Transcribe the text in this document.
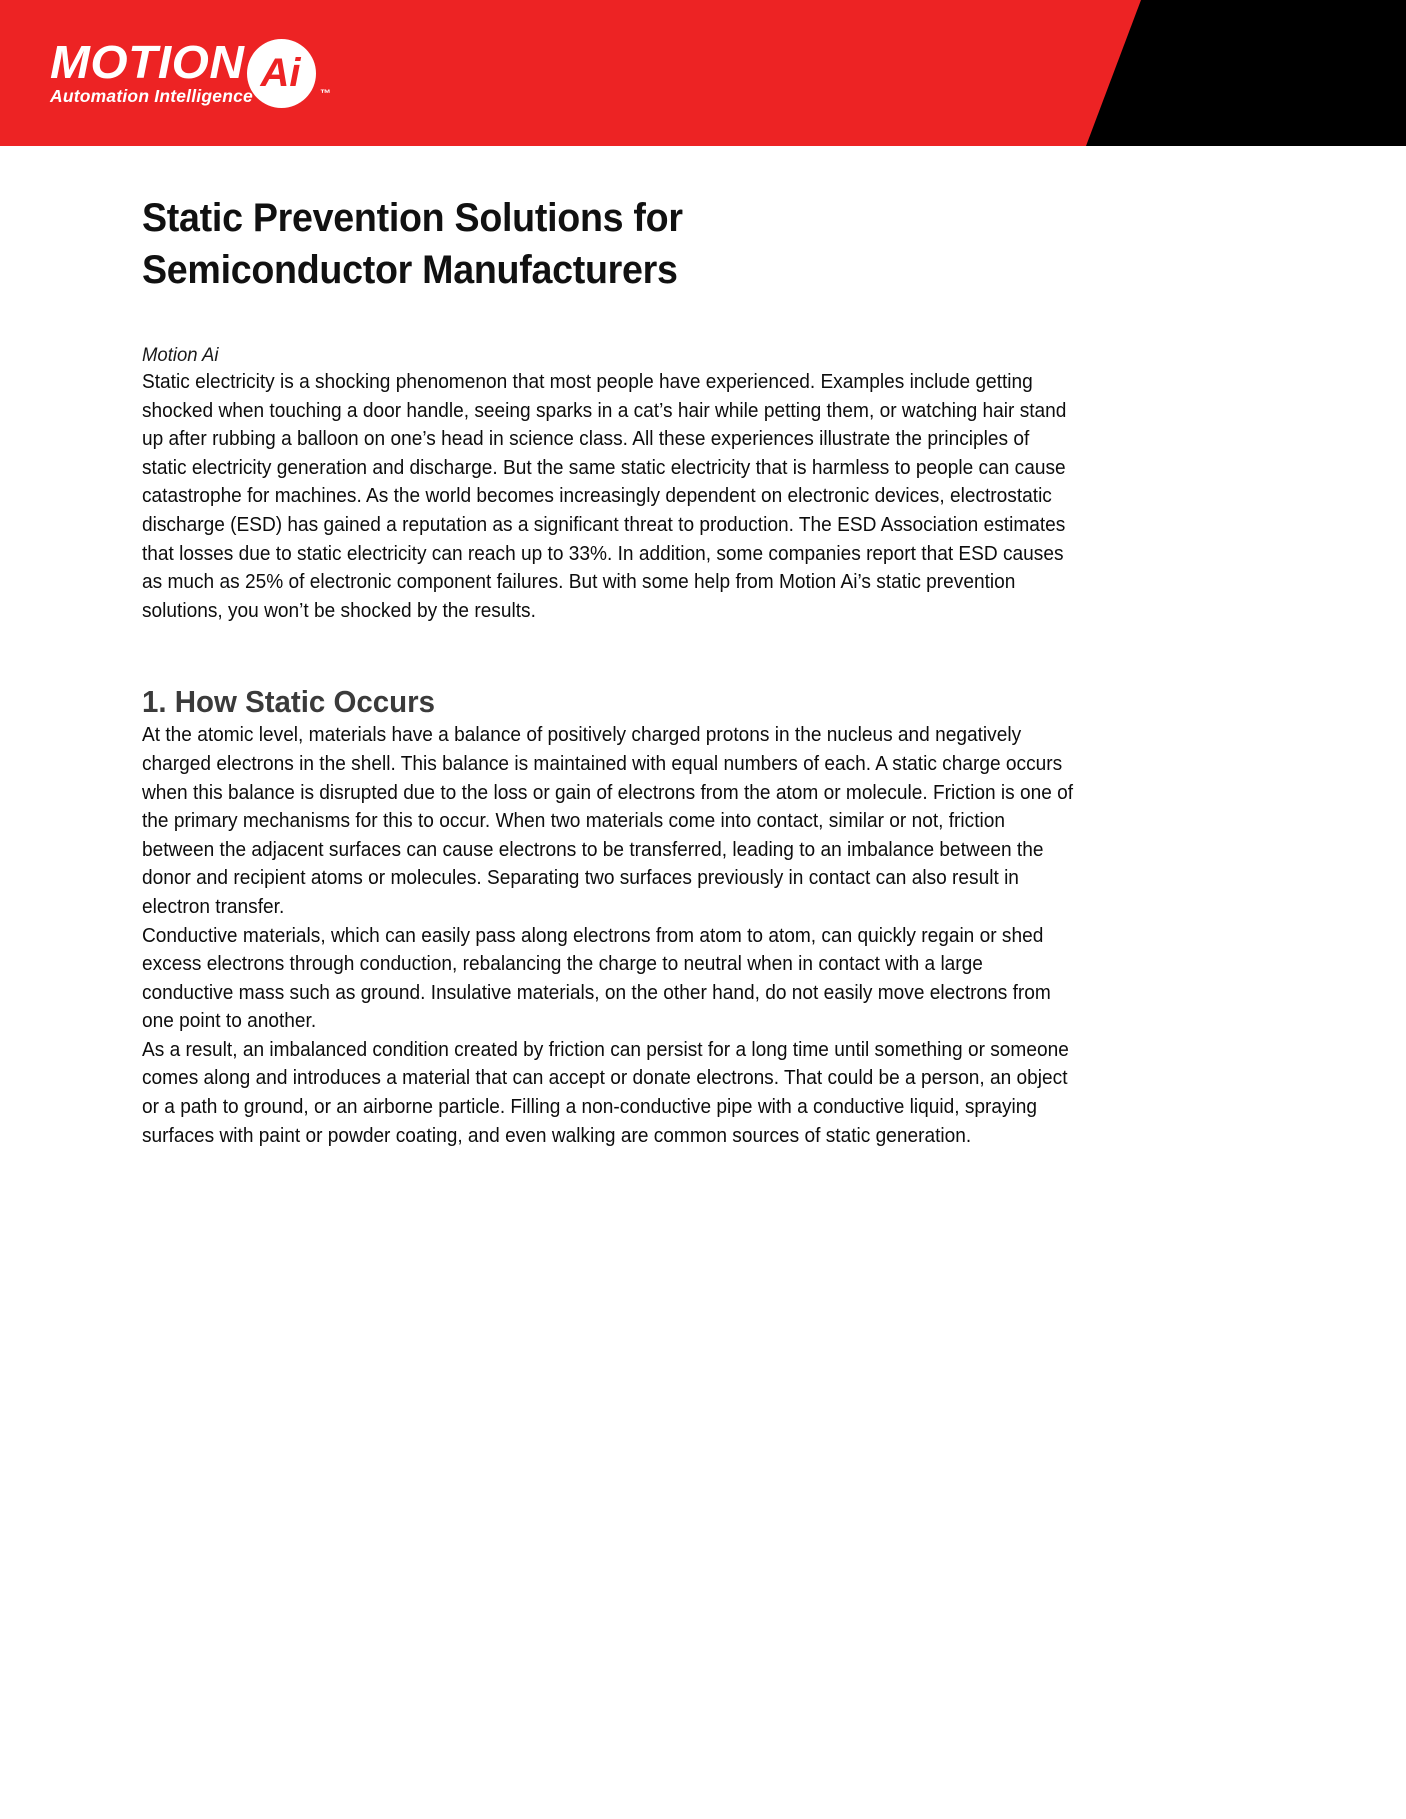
MOTION
Automation Intelligence
Ai ™
Static Prevention Solutions for Semiconductor Manufacturers
Motion Ai

Static electricity is a shocking phenomenon that most people have experienced. Examples include getting shocked when touching a door handle, seeing sparks in a cat’s hair while petting them, or watching hair stand up after rubbing a balloon on one’s head in science class. All these experiences illustrate the principles of static electricity generation and discharge. But the same static electricity that is harmless to people can cause catastrophe for machines. As the world becomes increasingly dependent on electronic devices, electrostatic discharge (ESD) has gained a reputation as a significant threat to production. The ESD Association estimates that losses due to static electricity can reach up to 33%. In addition, some companies report that ESD causes as much as 25% of electronic component failures. But with some help from Motion Ai’s static prevention solutions, you won’t be shocked by the results.

1. How Static Occurs

At the atomic level, materials have a balance of positively charged protons in the nucleus and negatively charged electrons in the shell. This balance is maintained with equal numbers of each. A static charge occurs when this balance is disrupted due to the loss or gain of electrons from the atom or molecule. Friction is one of the primary mechanisms for this to occur. When two materials come into contact, similar or not, friction between the adjacent surfaces can cause electrons to be transferred, leading to an imbalance between the donor and recipient atoms or molecules. Separating two surfaces previously in contact can also result in electron transfer.

Conductive materials, which can easily pass along electrons from atom to atom, can quickly regain or shed excess electrons through conduction, rebalancing the charge to neutral when in contact with a large conductive mass such as ground. Insulative materials, on the other hand, do not easily move electrons from one point to another.

As a result, an imbalanced condition created by friction can persist for a long time until something or someone comes along and introduces a material that can accept or donate electrons. That could be a person, an object or a path to ground, or an airborne particle. Filling a non-conductive pipe with a conductive liquid, spraying surfaces with paint or powder coating, and even walking are common sources of static generation.
